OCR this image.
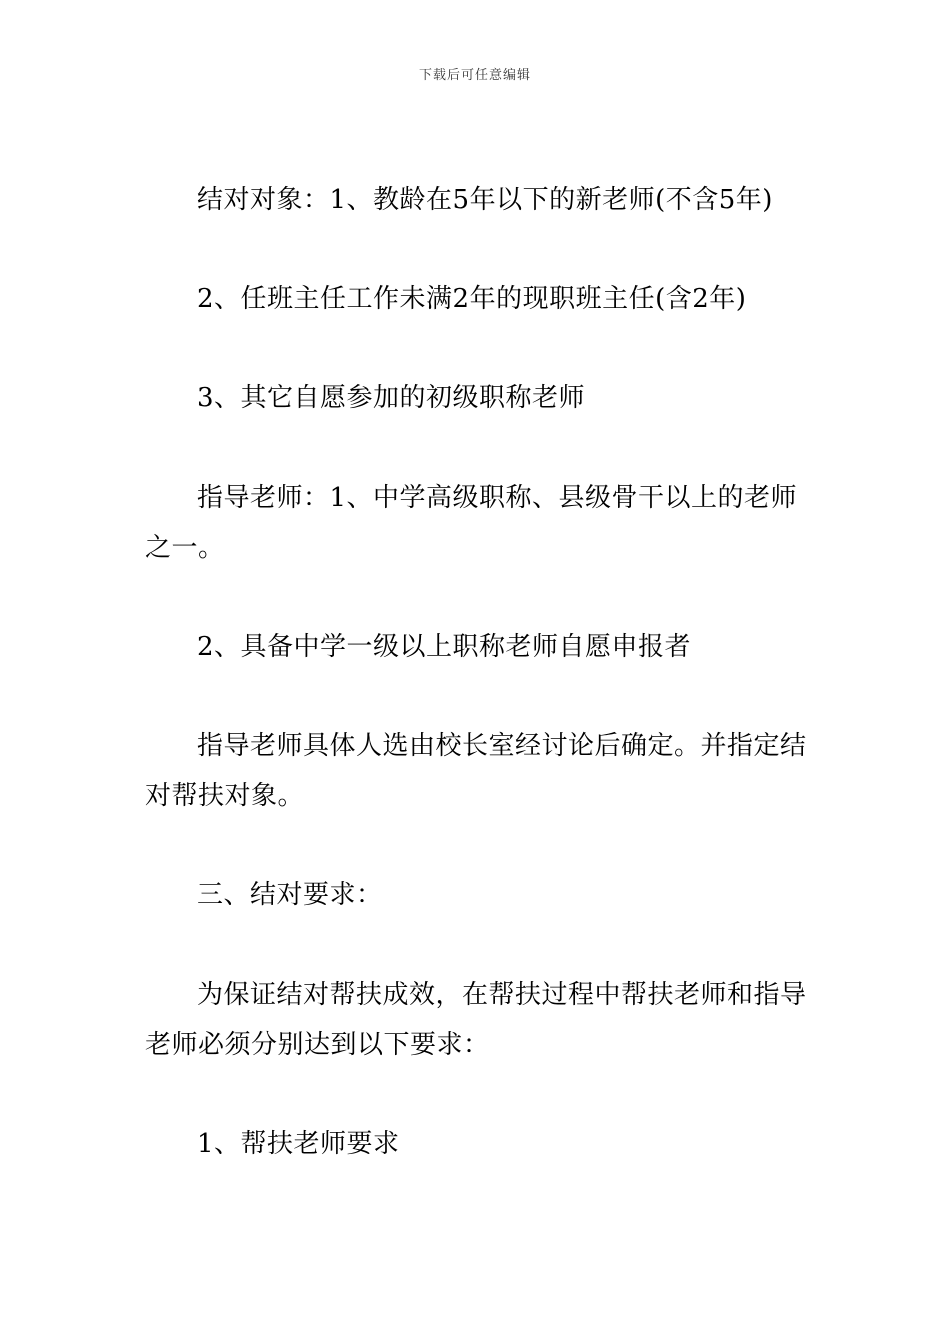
下载后可任意编辑

结对对象：1、教龄在5年以下的新老师(不含5年)

2、任班主任工作未满2年的现职班主任(含2年)

3、其它自愿参加的初级职称老师

指导老师：1、中学高级职称、县级骨干以上的老师之一。

2、具备中学一级以上职称老师自愿申报者

指导老师具体人选由校长室经讨论后确定。并指定结对帮扶对象。

三、结对要求：

为保证结对帮扶成效，在帮扶过程中帮扶老师和指导老师必须分别达到以下要求：

1、帮扶老师要求
